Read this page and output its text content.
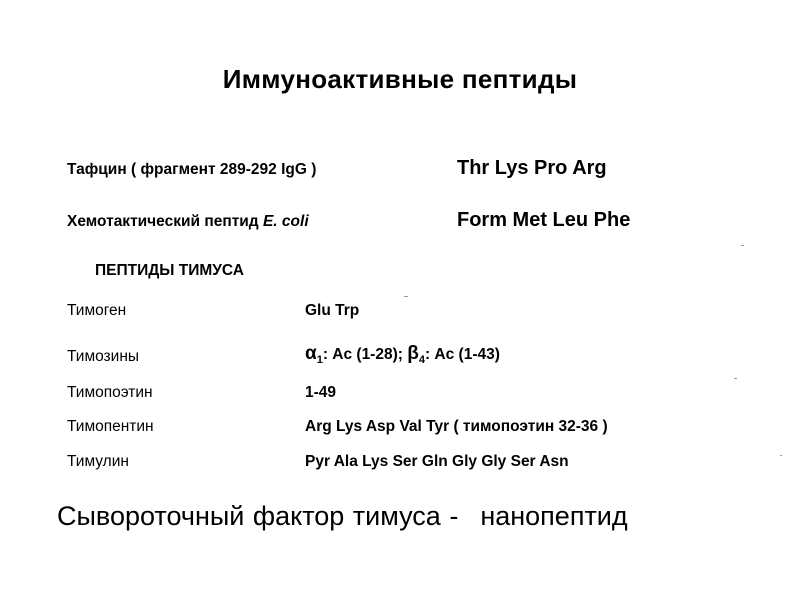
Иммуноактивные пептиды
Тафцин ( фрагмент 289-292 IgG )	Thr Lys Pro Arg
Хемотактический пептид E. coli	Form Met Leu Phe
ПЕПТИДЫ ТИМУСА
Тимоген	Glu Trp
Тимозины	$\alpha_1$: Ac (1-28); $\beta_4$: Ac (1-43)
Тимопоэтин	1-49
Тимопентин	Arg Lys Asp Val Tyr ( тимопоэтин 32-36 )
Тимулин	Pyr Ala Lys Ser Gln Gly Gly Ser Asn
Сывороточный фактор тимуса - нанопептид
